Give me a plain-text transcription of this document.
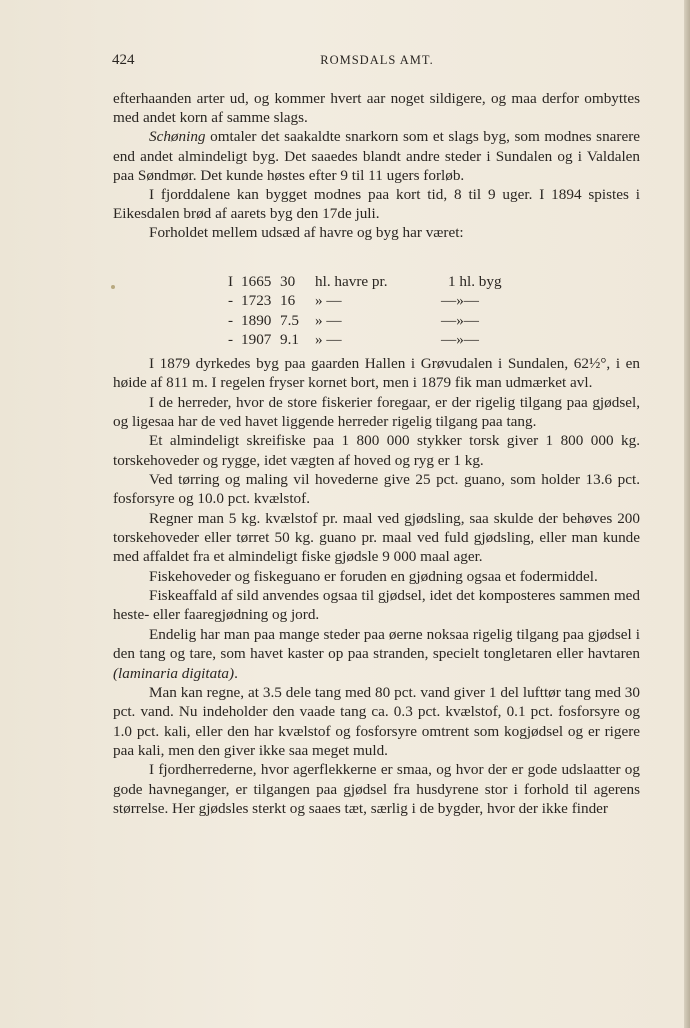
424	ROMSDALS AMT.

efterhaanden arter ud, og kommer hvert aar noget sildigere, og maa derfor ombyttes med andet korn af samme slags.

Schøning omtaler det saakaldte snarkorn som et slags byg, som modnes snarere end andet almindeligt byg. Det saaedes blandt andre steder i Sundalen og i Valdalen paa Søndmør. Det kunde høstes efter 9 til 11 ugers forløb.

I fjorddalene kan bygget modnes paa kort tid, 8 til 9 uger. I 1894 spistes i Eikesdalen brød af aarets byg den 17de juli.

Forholdet mellem udsæd af havre og byg har været:

I 1665 30 hl. havre pr.	1 hl. byg
- 1723 16 » —	—»—
- 1890 7.5 » —	—»—
- 1907 9.1 » —	—»—

I 1879 dyrkedes byg paa gaarden Hallen i Grøvudalen i Sundalen, 62½°, i en høide af 811 m. I regelen fryser kornet bort, men i 1879 fik man udmærket avl.

I de herreder, hvor de store fiskerier foregaar, er der rigelig tilgang paa gjødsel, og ligesaa har de ved havet liggende herreder rigelig tilgang paa tang.

Et almindeligt skreifiske paa 1 800 000 stykker torsk giver 1 800 000 kg. torskehoveder og rygge, idet vægten af hoved og ryg er 1 kg.

Ved tørring og maling vil hovederne give 25 pct. guano, som holder 13.6 pct. fosforsyre og 10.0 pct. kvælstof.

Regner man 5 kg. kvælstof pr. maal ved gjødsling, saa skulde der behøves 200 torskehoveder eller tørret 50 kg. guano pr. maal ved fuld gjødsling, eller man kunde med affaldet fra et almindeligt fiske gjødsle 9 000 maal ager.

Fiskehoveder og fiskeguano er foruden en gjødning ogsaa et fodermiddel.

Fiskeaffald af sild anvendes ogsaa til gjødsel, idet det komposteres sammen med heste- eller faaregjødning og jord.

Endelig har man paa mange steder paa øerne noksaa rigelig tilgang paa gjødsel i den tang og tare, som havet kaster op paa stranden, specielt tongletaren eller havtaren (laminaria digitata).

Man kan regne, at 3.5 dele tang med 80 pct. vand giver 1 del lufttør tang med 30 pct. vand. Nu indeholder den vaade tang ca. 0.3 pct. kvælstof, 0.1 pct. fosforsyre og 1.0 pct. kali, eller den har kvælstof og fosforsyre omtrent som kogjødsel og er rigere paa kali, men den giver ikke saa meget muld.

I fjordherrederne, hvor agerflekkerne er smaa, og hvor der er gode udslaatter og gode havneganger, er tilgangen paa gjødsel fra husdyrene stor i forhold til agerens størrelse. Her gjødsles sterkt og saaes tæt, særlig i de bygder, hvor der ikke finder
